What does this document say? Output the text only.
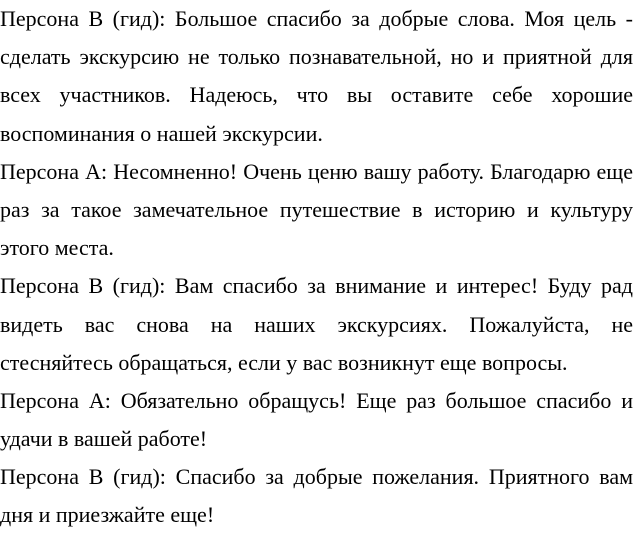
Персона В (гид): Большое спасибо за добрые слова. Моя цель -
сделать экскурсию не только познавательной, но и приятной для
всех участников. Надеюсь, что вы оставите себе хорошие
воспоминания о нашей экскурсии.
Персона А: Несомненно! Очень ценю вашу работу. Благодарю еще
раз за такое замечательное путешествие в историю и культуру
этого места.
Персона В (гид): Вам спасибо за внимание и интерес! Буду рад
видеть вас снова на наших экскурсиях. Пожалуйста, не
стесняйтесь обращаться, если у вас возникнут еще вопросы.
Персона А: Обязательно обращусь! Еще раз большое спасибо и
удачи в вашей работе!
Персона В (гид): Спасибо за добрые пожелания. Приятного вам
дня и приезжайте еще!
